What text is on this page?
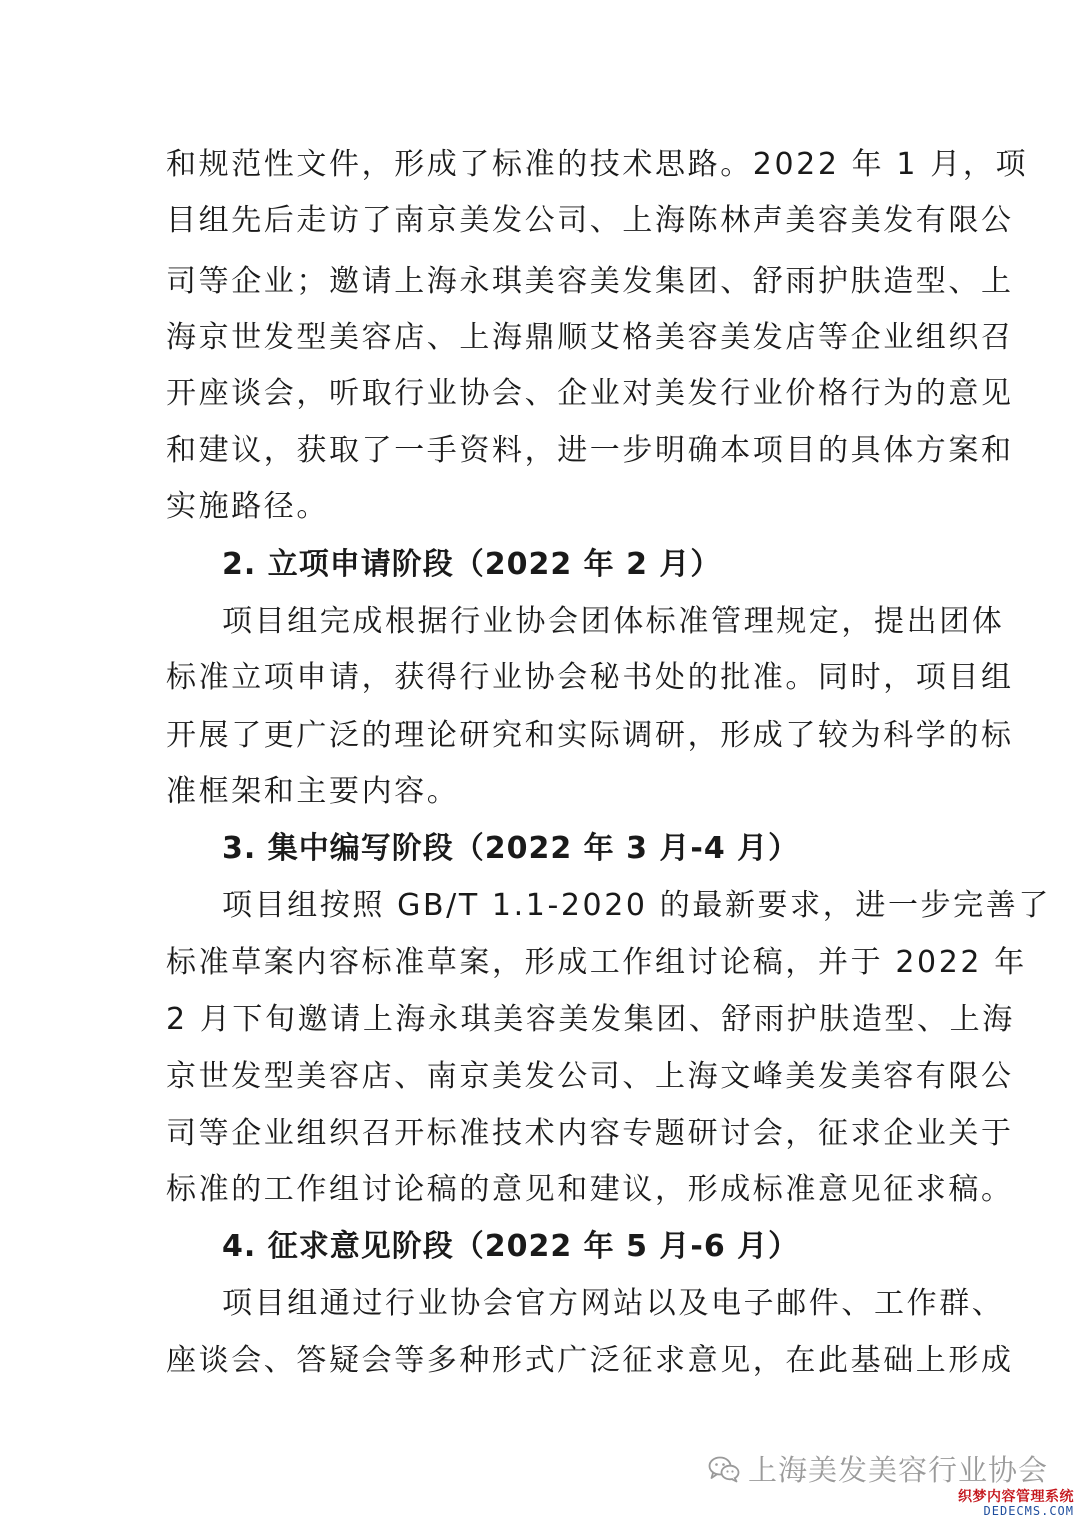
和规范性文件，形成了标准的技术思路。2022 年 1 月，项
目组先后走访了南京美发公司、上海陈林声美容美发有限公
司等企业；邀请上海永琪美容美发集团、舒雨护肤造型、上
海京世发型美容店、上海鼎顺艾格美容美发店等企业组织召
开座谈会，听取行业协会、企业对美发行业价格行为的意见
和建议，获取了一手资料，进一步明确本项目的具体方案和
实施路径。
2. 立项申请阶段（2022 年 2 月）
项目组完成根据行业协会团体标准管理规定，提出团体
标准立项申请，获得行业协会秘书处的批准。同时，项目组
开展了更广泛的理论研究和实际调研，形成了较为科学的标
准框架和主要内容。
3. 集中编写阶段（2022 年 3 月-4 月）
项目组按照 GB/T 1.1-2020 的最新要求，进一步完善了
标准草案内容标准草案，形成工作组讨论稿，并于 2022 年
2 月下旬邀请上海永琪美容美发集团、舒雨护肤造型、上海
京世发型美容店、南京美发公司、上海文峰美发美容有限公
司等企业组织召开标准技术内容专题研讨会，征求企业关于
标准的工作组讨论稿的意见和建议，形成标准意见征求稿。
4. 征求意见阶段（2022 年 5 月-6 月）
项目组通过行业协会官方网站以及电子邮件、工作群、
座谈会、答疑会等多种形式广泛征求意见，在此基础上形成
上海美发美容行业协会
织梦内容管理系统
DEDECMS.COM
